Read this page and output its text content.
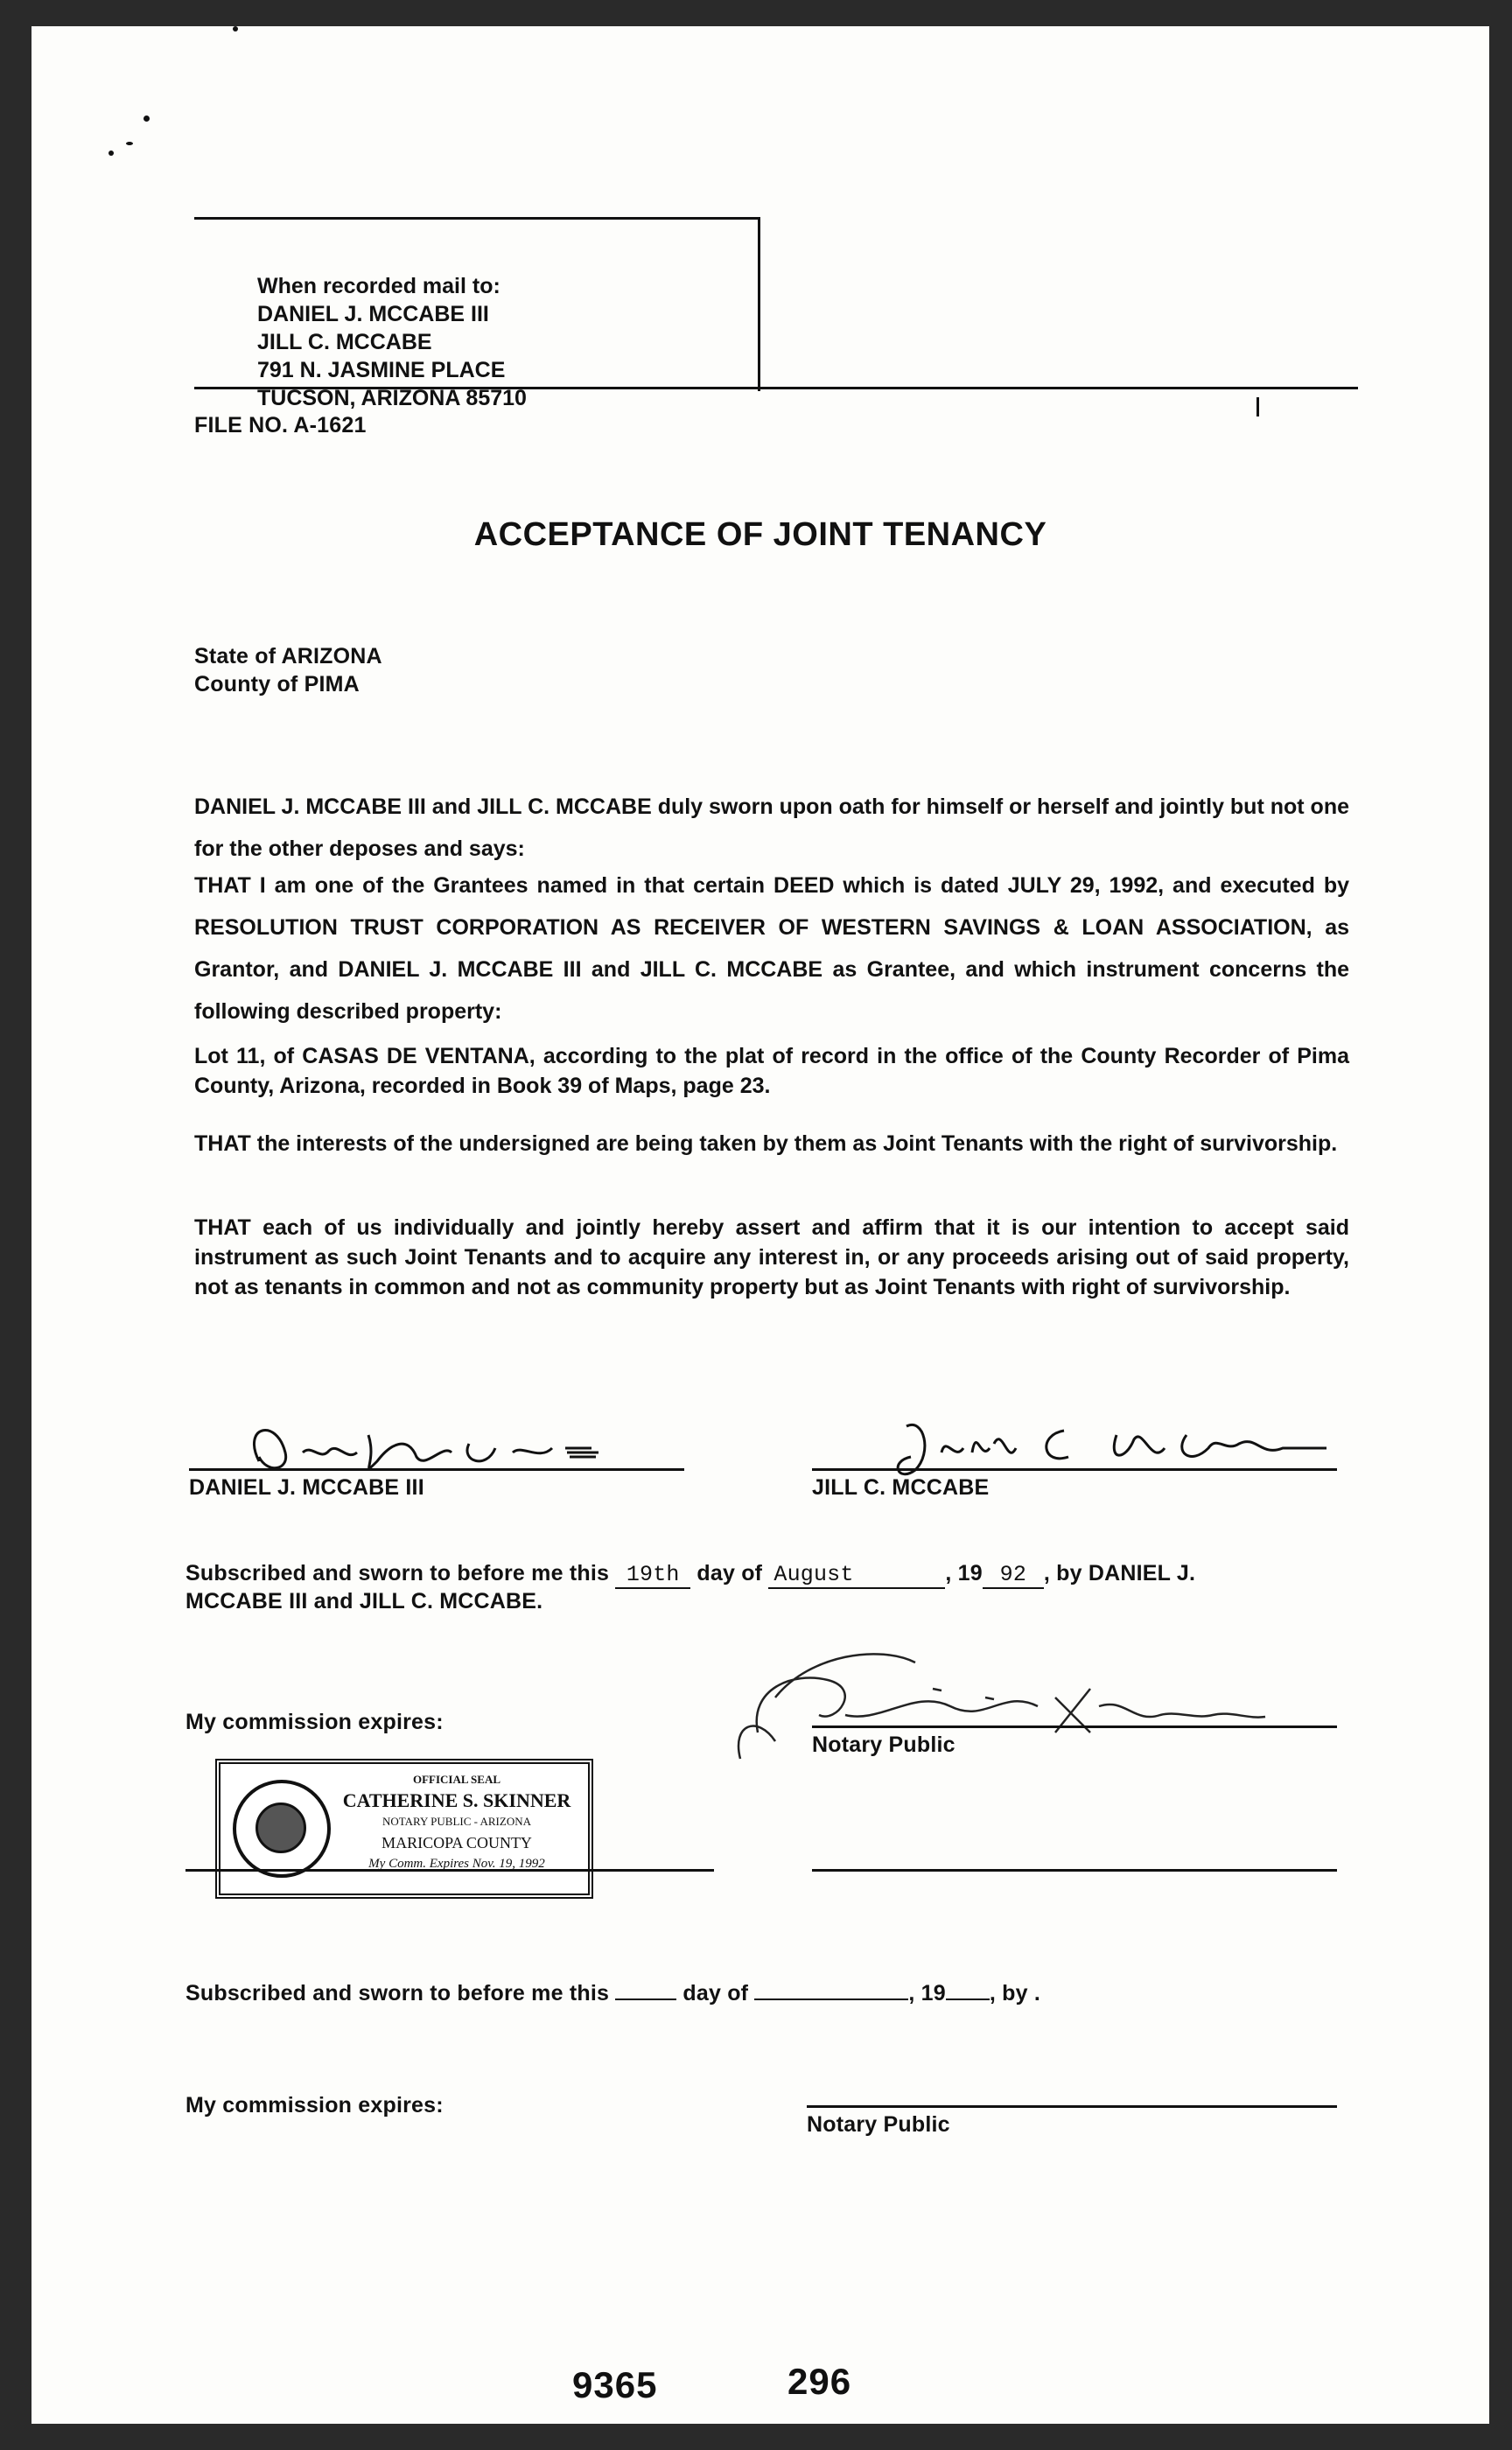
When recorded mail to:
DANIEL J. MCCABE III
JILL C. MCCABE
791 N. JASMINE PLACE
TUCSON, ARIZONA 85710
FILE NO. A-1621
ACCEPTANCE OF JOINT TENANCY
State of ARIZONA
County of PIMA
DANIEL J. MCCABE III and JILL C. MCCABE duly sworn upon oath for himself or herself and jointly but not one for the other deposes and says:
THAT I am one of the Grantees named in that certain DEED which is dated JULY 29, 1992, and executed by RESOLUTION TRUST CORPORATION AS RECEIVER OF WESTERN SAVINGS & LOAN ASSOCIATION, as Grantor, and DANIEL J. MCCABE III and JILL C. MCCABE as Grantee, and which instrument concerns the following described property:
Lot 11, of CASAS DE VENTANA, according to the plat of record in the office of the County Recorder of Pima County, Arizona, recorded in Book 39 of Maps, page 23.
THAT the interests of the undersigned are being taken by them as Joint Tenants with the right of survivorship.
THAT each of us individually and jointly hereby assert and affirm that it is our intention to accept said instrument as such Joint Tenants and to acquire any interest in, or any proceeds arising out of said property, not as tenants in common and not as community property but as Joint Tenants with right of survivorship.
DANIEL J. MCCABE III	JILL C. MCCABE
Subscribed and sworn to before me this 19th day of August	, 19 92 , by DANIEL J.
MCCABE III and JILL C. MCCABE.
Notary Public
My commission expires:
OFFICIAL SEAL
CATHERINE S. SKINNER
NOTARY PUBLIC - ARIZONA
MARICOPA COUNTY
My Comm. Expires Nov. 19, 1992
Subscribed and sworn to before me this	day of	, 19 , by .
My commission expires:
Notary Public
9365	296
